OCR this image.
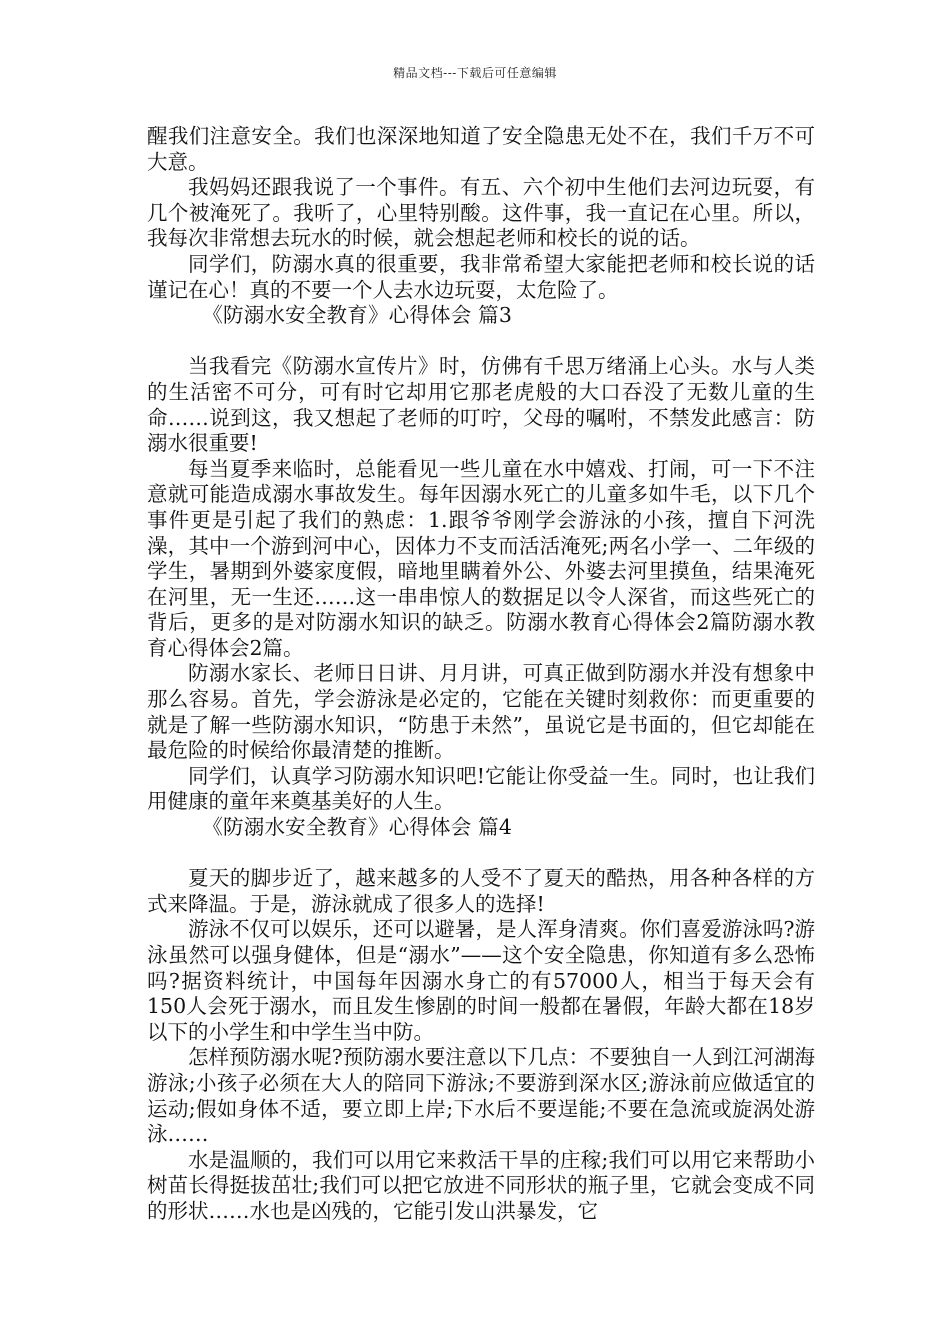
精品文档---下载后可任意编辑

醒我们注意安全。我们也深深地知道了安全隐患无处不在，我们千万不可大意。

我妈妈还跟我说了一个事件。有五、六个初中生他们去河边玩耍，有几个被淹死了。我听了，心里特别酸。这件事，我一直记在心里。所以，我每次非常想去玩水的时候，就会想起老师和校长的说的话。

同学们，防溺水真的很重要，我非常希望大家能把老师和校长说的话谨记在心！真的不要一个人去水边玩耍，太危险了。

《防溺水安全教育》心得体会 篇3

当我看完《防溺水宣传片》时，仿佛有千思万绪涌上心头。水与人类的生活密不可分，可有时它却用它那老虎般的大口吞没了无数儿童的生命……说到这，我又想起了老师的叮咛，父母的嘱咐，不禁发此感言：防溺水很重要!

每当夏季来临时，总能看见一些儿童在水中嬉戏、打闹，可一下不注意就可能造成溺水事故发生。每年因溺水死亡的儿童多如牛毛，以下几个事件更是引起了我们的熟虑：1.跟爷爷刚学会游泳的小孩，擅自下河洗澡，其中一个游到河中心，因体力不支而活活淹死;两名小学一、二年级的学生，暑期到外婆家度假，暗地里瞒着外公、外婆去河里摸鱼，结果淹死在河里，无一生还……这一串串惊人的数据足以令人深省，而这些死亡的背后，更多的是对防溺水知识的缺乏。防溺水教育心得体会2篇防溺水教育心得体会2篇。

防溺水家长、老师日日讲、月月讲，可真正做到防溺水并没有想象中那么容易。首先，学会游泳是必定的，它能在关键时刻救你：而更重要的就是了解一些防溺水知识，“防患于未然”，虽说它是书面的，但它却能在最危险的时候给你最清楚的推断。

同学们，认真学习防溺水知识吧!它能让你受益一生。同时，也让我们用健康的童年来奠基美好的人生。

《防溺水安全教育》心得体会 篇4

夏天的脚步近了，越来越多的人受不了夏天的酷热，用各种各样的方式来降温。于是，游泳就成了很多人的选择!

游泳不仅可以娱乐，还可以避暑，是人浑身清爽。你们喜爱游泳吗?游泳虽然可以强身健体，但是“溺水”——这个安全隐患，你知道有多么恐怖吗?据资料统计，中国每年因溺水身亡的有57000人，相当于每天会有150人会死于溺水，而且发生惨剧的时间一般都在暑假，年龄大都在18岁以下的小学生和中学生当中防。

怎样预防溺水呢?预防溺水要注意以下几点：不要独自一人到江河湖海游泳;小孩子必须在大人的陪同下游泳;不要游到深水区;游泳前应做适宜的运动;假如身体不适，要立即上岸;下水后不要逞能;不要在急流或旋涡处游泳……

水是温顺的，我们可以用它来救活干旱的庄稼;我们可以用它来帮助小树苗长得挺拔茁壮;我们可以把它放进不同形状的瓶子里，它就会变成不同的形状……水也是凶残的，它能引发山洪暴发，它
